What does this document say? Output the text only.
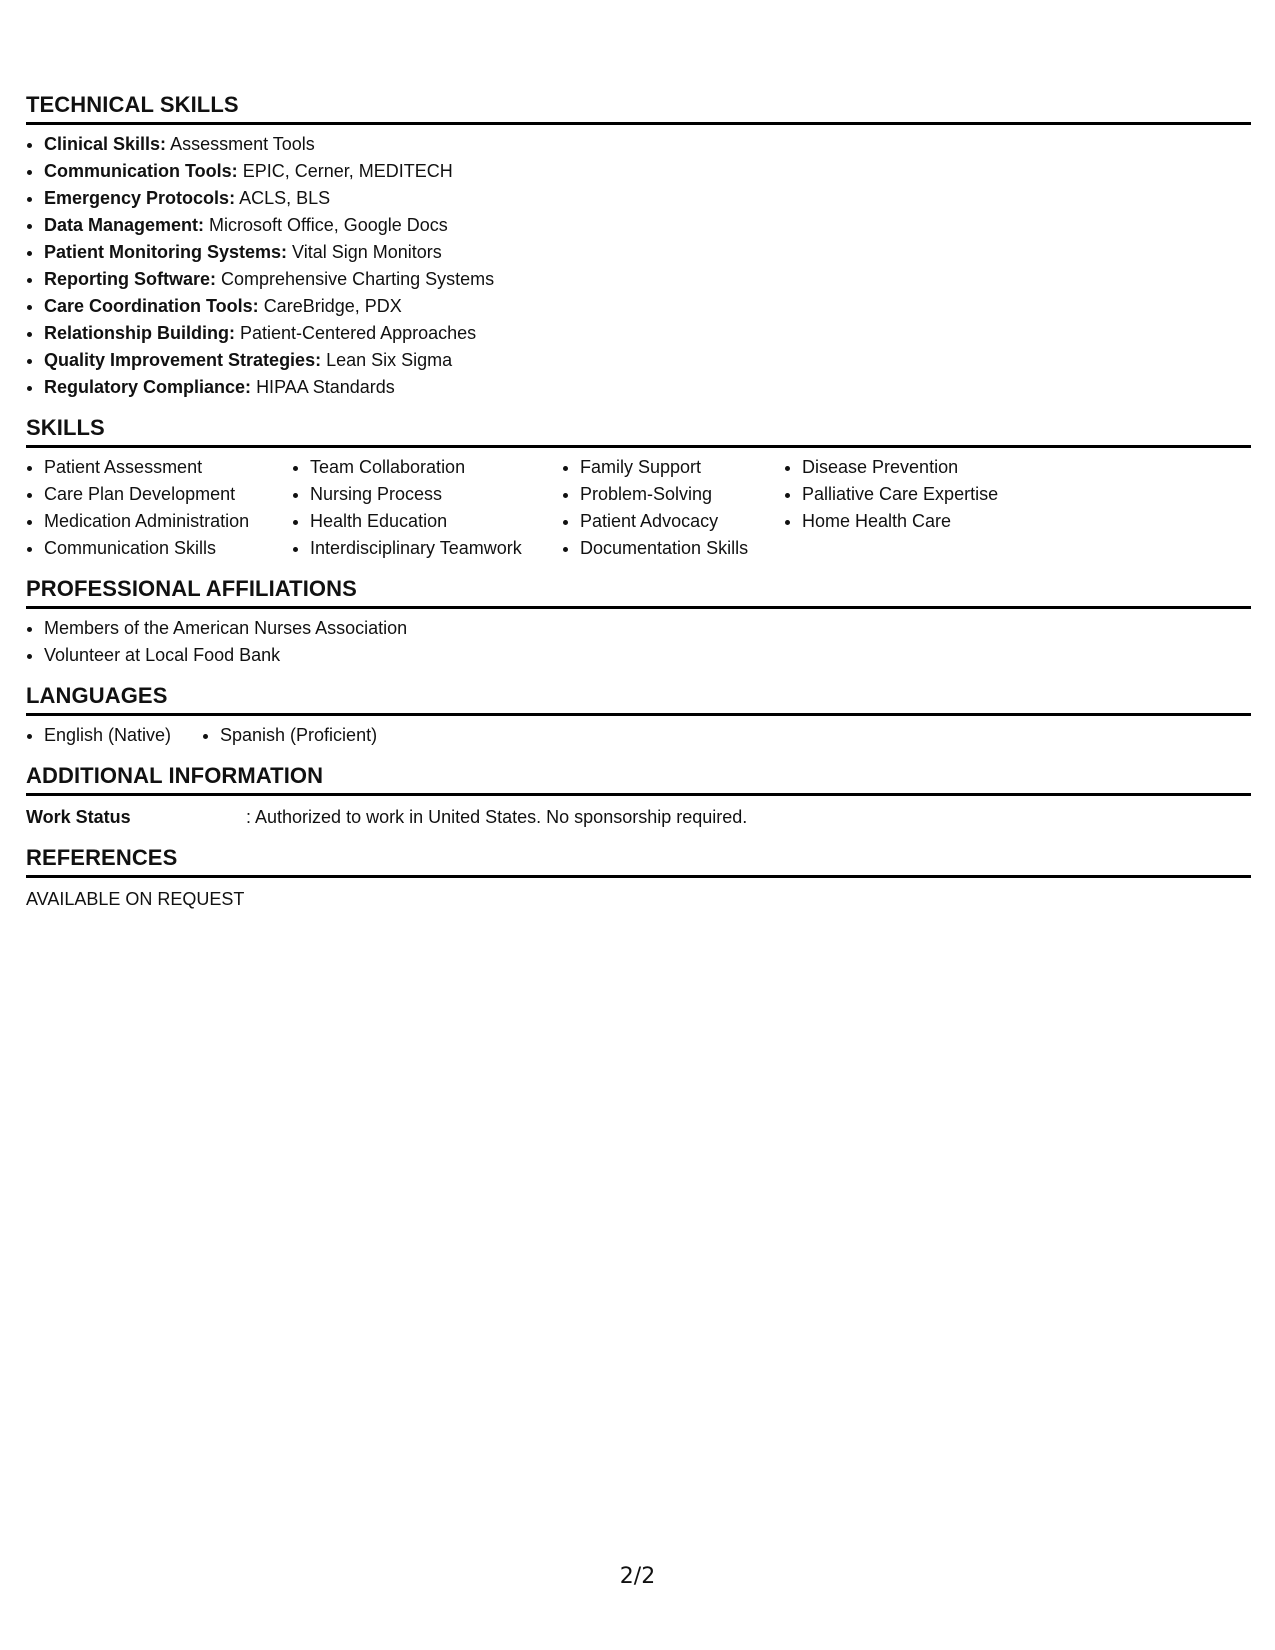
TECHNICAL SKILLS
• Clinical Skills: Assessment Tools
• Communication Tools: EPIC, Cerner, MEDITECH
• Emergency Protocols: ACLS, BLS
• Data Management: Microsoft Office, Google Docs
• Patient Monitoring Systems: Vital Sign Monitors
• Reporting Software: Comprehensive Charting Systems
• Care Coordination Tools: CareBridge, PDX
• Relationship Building: Patient-Centered Approaches
• Quality Improvement Strategies: Lean Six Sigma
• Regulatory Compliance: HIPAA Standards
SKILLS
• Patient Assessment
• Care Plan Development
• Medication Administration
• Communication Skills
• Team Collaboration
• Nursing Process
• Health Education
• Interdisciplinary Teamwork
• Family Support
• Problem-Solving
• Patient Advocacy
• Documentation Skills
• Disease Prevention
• Palliative Care Expertise
• Home Health Care
PROFESSIONAL AFFILIATIONS
• Members of the American Nurses Association
• Volunteer at Local Food Bank
LANGUAGES
• English (Native)
•	Spanish (Proficient)
ADDITIONAL INFORMATION
Work Status	: Authorized to work in United States. No sponsorship required.
REFERENCES
AVAILABLE ON REQUEST
2/2
